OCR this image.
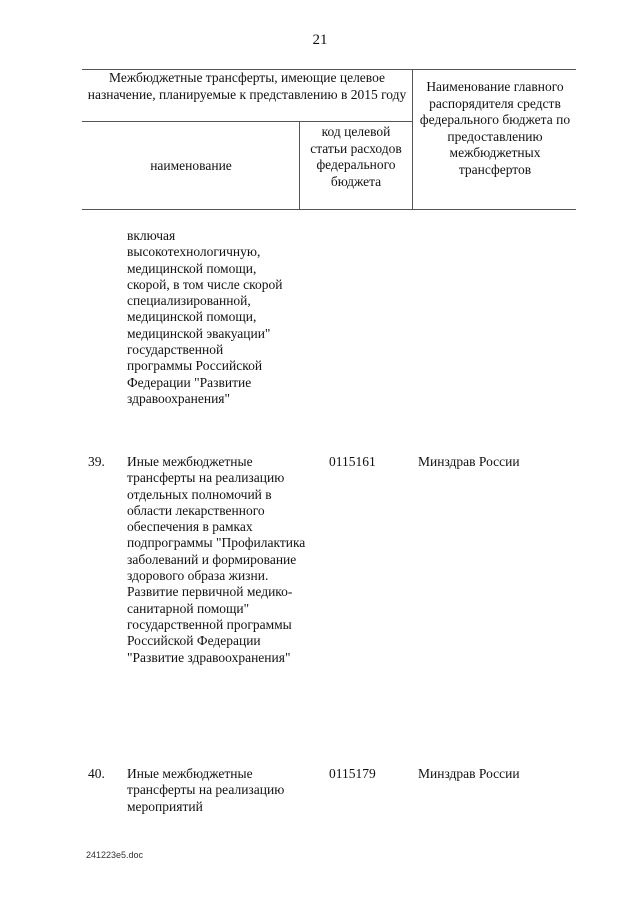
21
Межбюджетные трансферты, имеющие целевое назначение, планируемые к представлению в 2015 году
наименование
код целевой статьи расходов федерального бюджета
Наименование главного распорядителя средств федерального бюджета по предоставлению межбюджетных трансфертов
включая высокотехнологичную, медицинской помощи, скорой, в том числе скорой специализированной, медицинской помощи, медицинской эвакуации" государственной программы Российской Федерации "Развитие здравоохранения"
39. Иные межбюджетные трансферты на реализацию отдельных полномочий в области лекарственного обеспечения в рамках подпрограммы "Профилактика заболеваний и формирование здорового образа жизни. Развитие первичной медико-санитарной помощи" государственной программы Российской Федерации "Развитие здравоохранения"
0115161	Минздрав России
40. Иные межбюджетные трансферты на реализацию мероприятий
0115179	Минздрав России
241223e5.doc
